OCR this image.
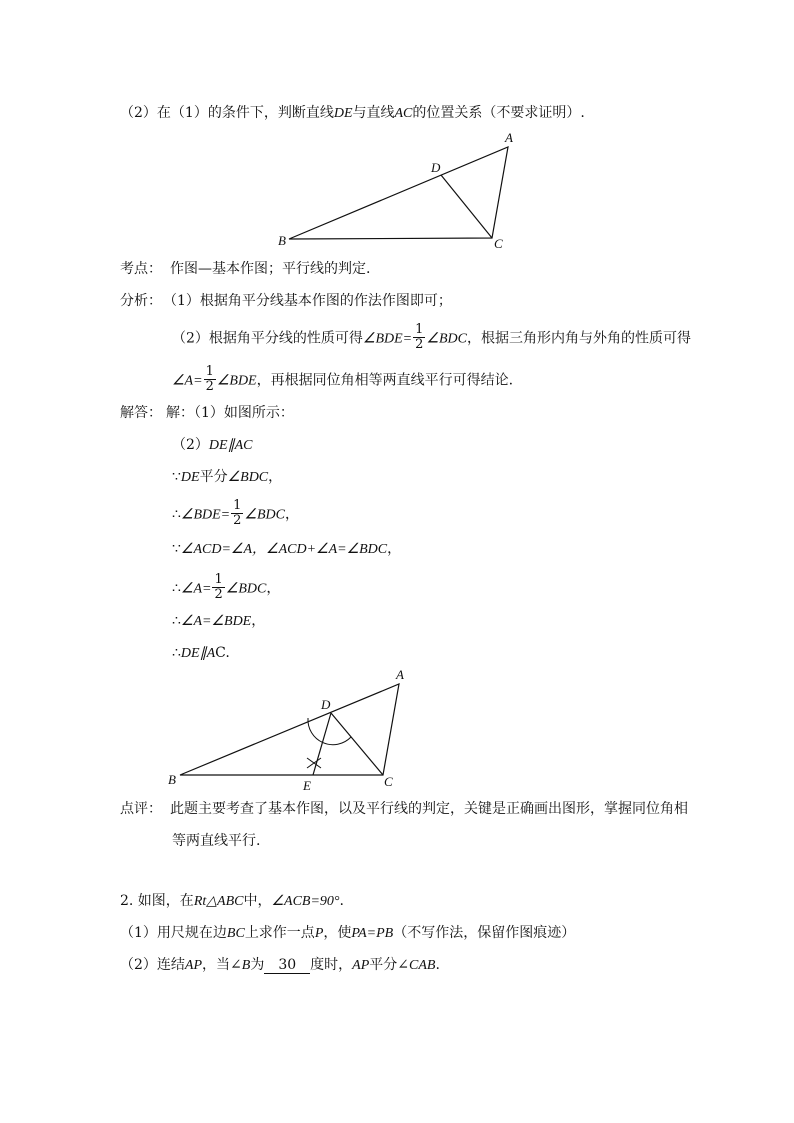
（2）在（1）的条件下，判断直线DE与直线AC的位置关系（不要求证明）.
A
B	C
D
考点： 作图—基本作图；平行线的判定.
分析： （1）根据角平分线基本作图的作法作图即可；
（2）根据角平分线的性质可得∠BDE= $\frac{1}{2}$ ∠BDC，根据三角形内角与外角的性质可得
∠A= $\frac{1}{2}$ ∠BDE，再根据同位角相等两直线平行可得结论.
解答： 解：（1）如图所示：
（2）DE∥AC
∵DE平分∠BDC，
∴∠BDE= $\frac{1}{2}$ ∠BDC，
∵∠ACD=∠A，∠ACD+∠A=∠BDC，
∴∠A= $\frac{1}{2}$ ∠BDC，
∴∠A=∠BDE，
∴DE∥AC.
A
B	C
D
E
点评： 此题主要考查了基本作图，以及平行线的判定，关键是正确画出图形，掌握同位角相
等两直线平行.
2. 如图，在Rt△ABC中，∠ACB=90°.
（1）用尺规在边BC上求作一点P，使PA=PB（不写作法，保留作图痕迹）
（2）连结AP，当∠B为 30 度时，AP平分∠CAB.
